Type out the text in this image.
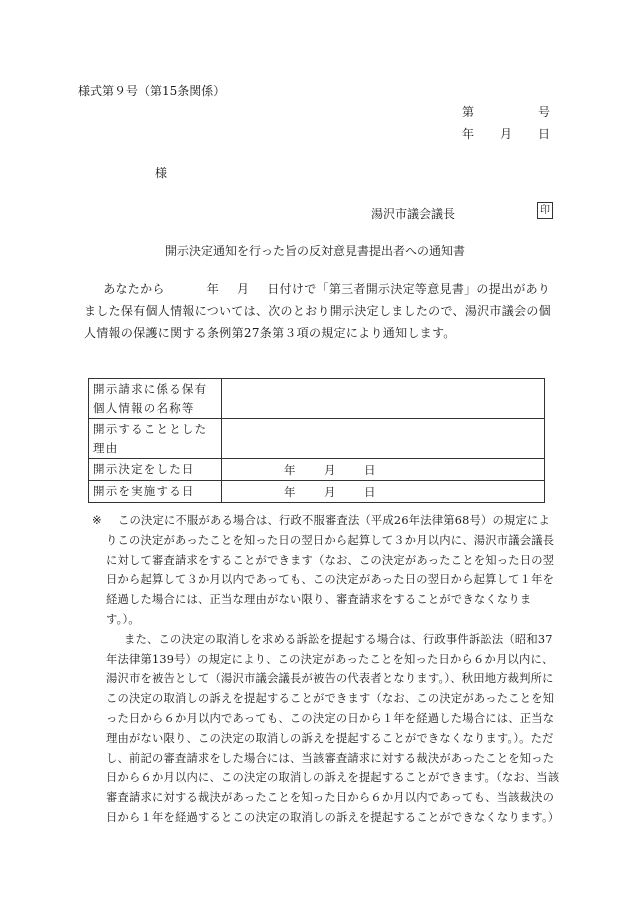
様式第９号（第15条関係）
第	号
年 月 日
様
湯沢市議会議長	印
開示決定通知を行った旨の反対意見書提出者への通知書
あなたから	年 月 日付けで「第三者開示決定等意見書」の提出がありました保有個人情報については、次のとおり開示決定しましたので、湯沢市議会の個人情報の保護に関する条例第27条第３項の規定により通知します。
開示請求に係る保有個人情報の名称等	
開示することとした理由	
開示決定をした日	年 月 日

開示を実施する日	年 月 日
※	この決定に不服がある場合は、行政不服審査法（平成26年法律第68号）の規定によりこの決定があったことを知った日の翌日から起算して３か月以内に、湯沢市議会議長に対して審査請求をすることができます（なお、この決定があったことを知った日の翌日から起算して３か月以内であっても、この決定があった日の翌日から起算して１年を経過した場合には、正当な理由がない限り、審査請求をすることができなくなります。）。

また、この決定の取消しを求める訴訟を提起する場合は、行政事件訴訟法（昭和37年法律第139号）の規定により、この決定があったことを知った日から６か月以内に、湯沢市を被告として（湯沢市議会議長が被告の代表者となります。）、秋田地方裁判所にこの決定の取消しの訴えを提起することができます（なお、この決定があったことを知った日から６か月以内であっても、この決定の日から１年を経過した場合には、正当な理由がない限り、この決定の取消しの訴えを提起することができなくなります。）。ただし、前記の審査請求をした場合には、当該審査請求に対する裁決があったことを知った日から６か月以内に、この決定の取消しの訴えを提起することができます。（なお、当該審査請求に対する裁決があったことを知った日から６か月以内であっても、当該裁決の日から１年を経過するとこの決定の取消しの訴えを提起することができなくなります。）
